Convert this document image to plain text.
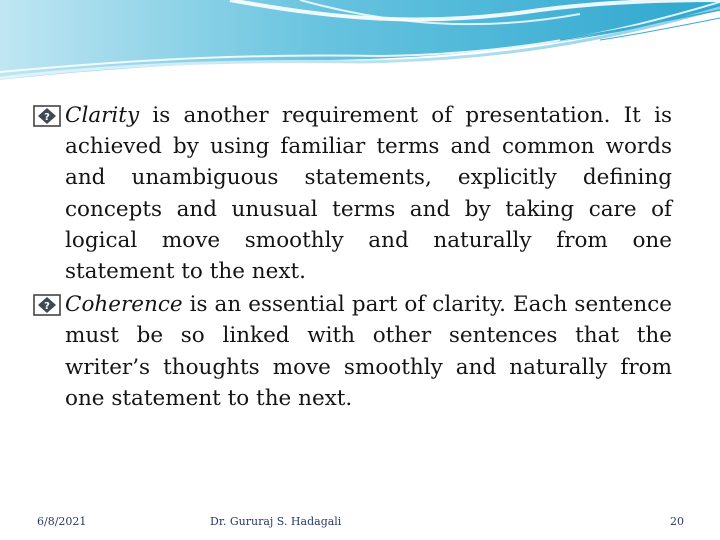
? Clarity is another requirement of presentation. It is achieved by using familiar terms and common words and unambiguous statements, explicitly defining concepts and unusual terms and by taking care of logical move smoothly and naturally from one statement to the next.

? Coherence is an essential part of clarity. Each sentence must be so linked with other sentences that the writer’s thoughts move smoothly and naturally from one statement to the next.

6/8/2021	Dr. Gururaj S. Hadagali	20
